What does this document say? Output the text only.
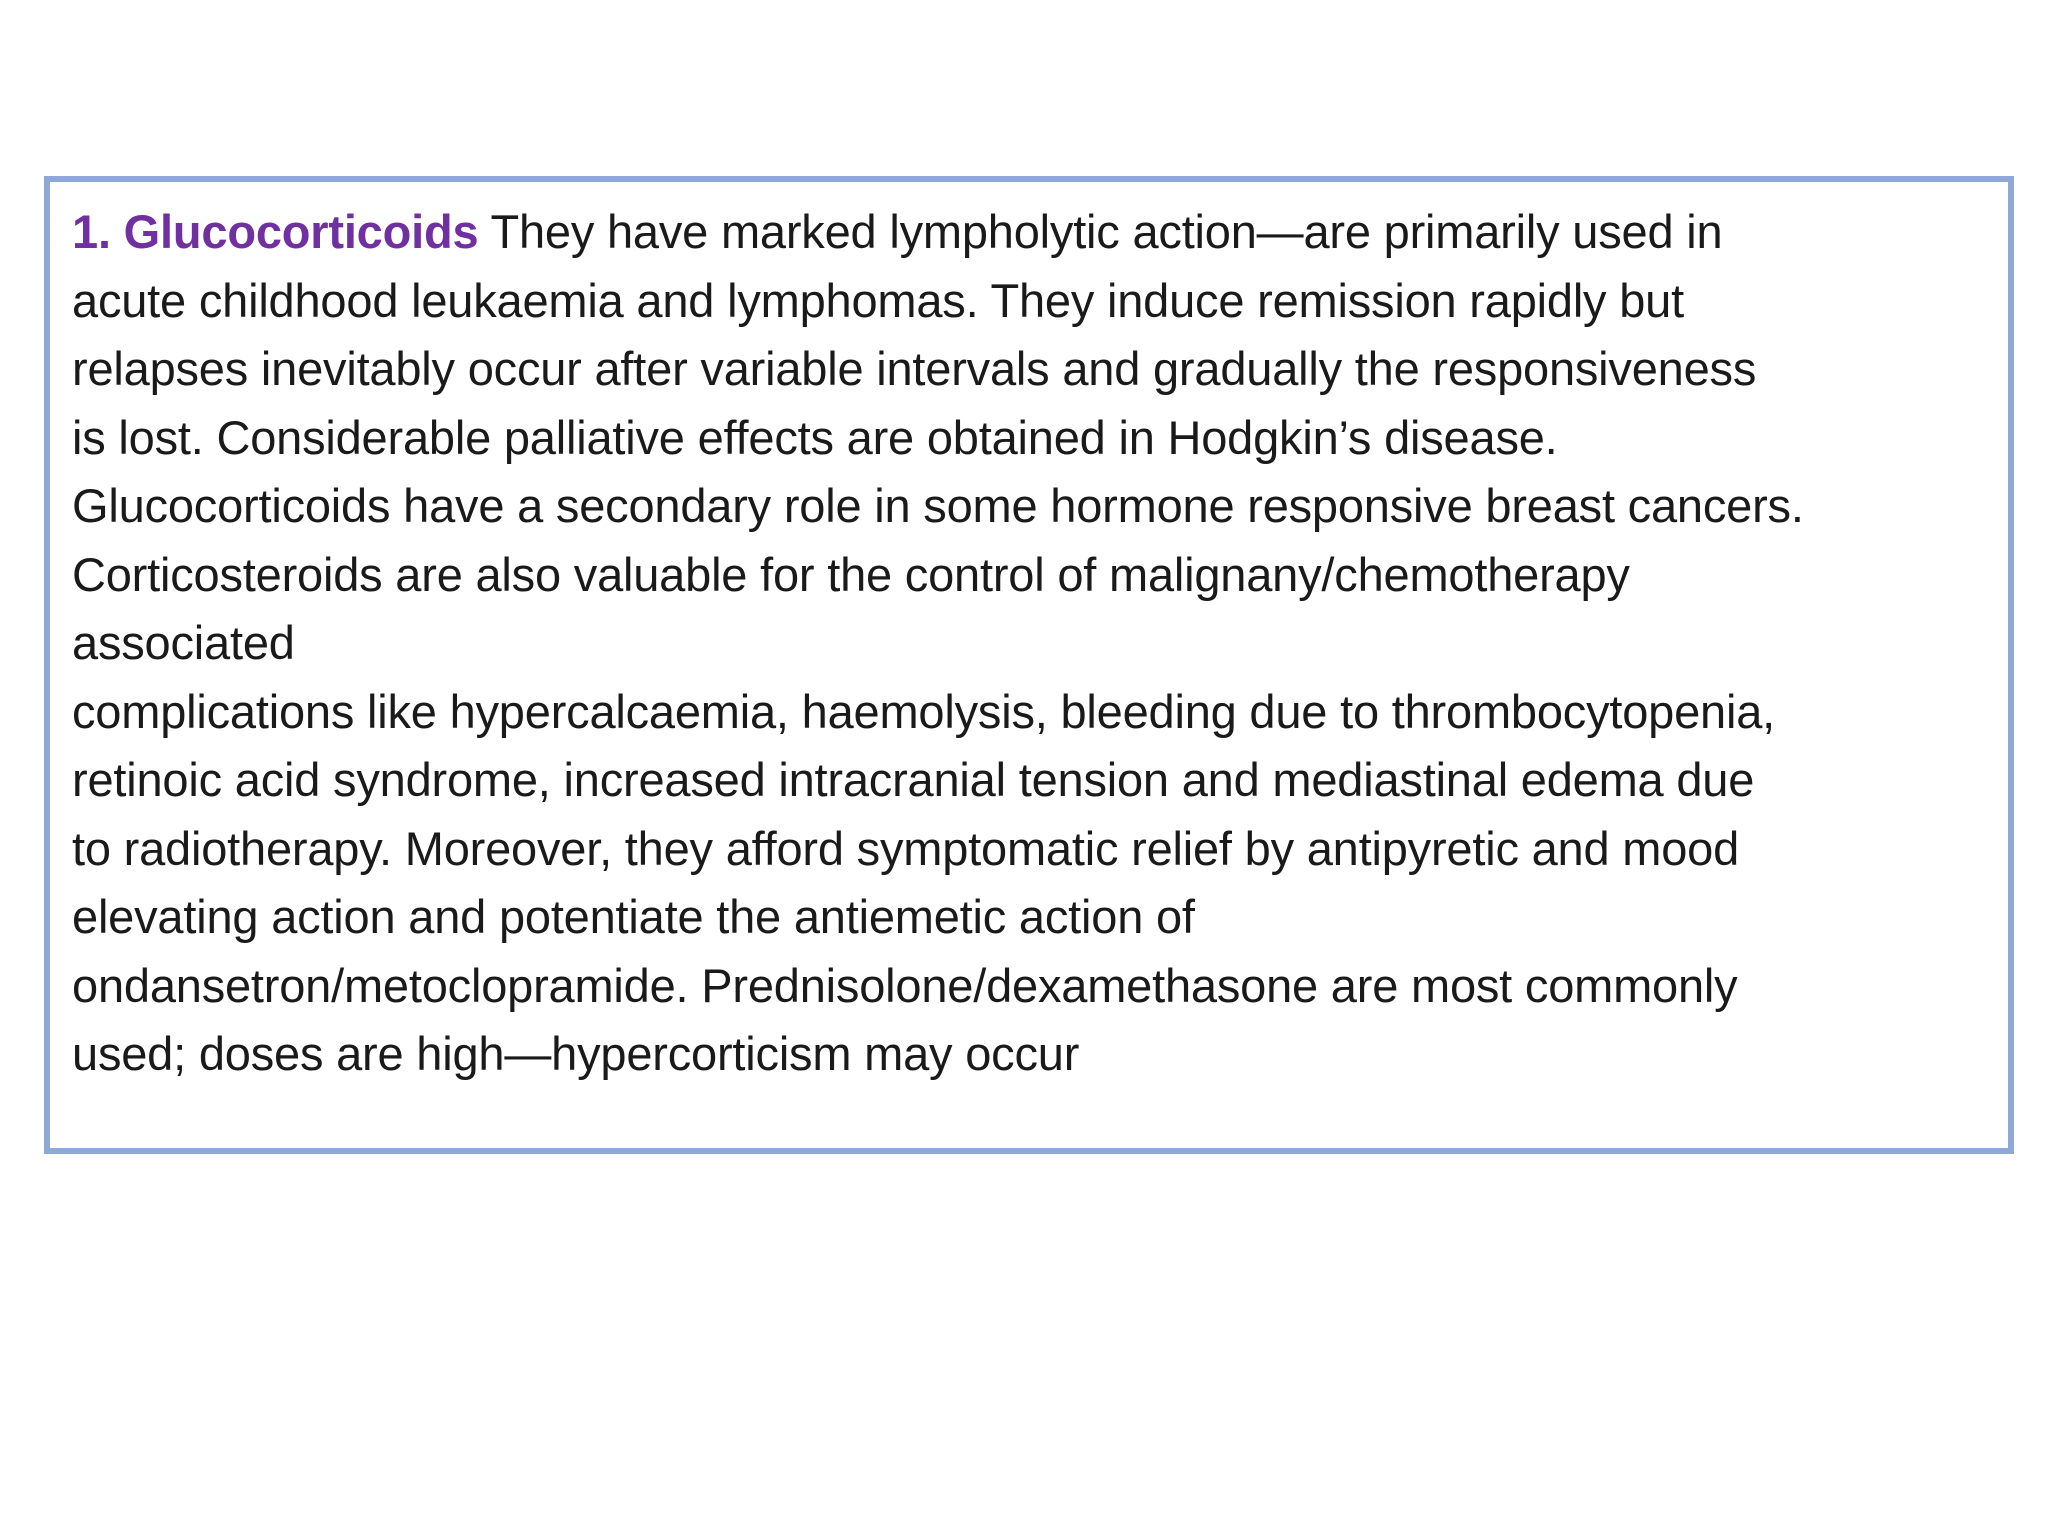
1. Glucocorticoids They have marked lympholytic action—are primarily used in
acute childhood leukaemia and lymphomas. They induce remission rapidly but
relapses inevitably occur after variable intervals and gradually the responsiveness
is lost. Considerable palliative effects are obtained in Hodgkin’s disease.
Glucocorticoids have a secondary role in some hormone responsive breast cancers.
Corticosteroids are also valuable for the control of malignany/chemotherapy
associated
complications like hypercalcaemia, haemolysis, bleeding due to thrombocytopenia,
retinoic acid syndrome, increased intracranial tension and mediastinal edema due
to radiotherapy. Moreover, they afford symptomatic relief by antipyretic and mood
elevating action and potentiate the antiemetic action of
ondansetron/metoclopramide. Prednisolone/dexamethasone are most commonly
used; doses are high—hypercorticism may occur
